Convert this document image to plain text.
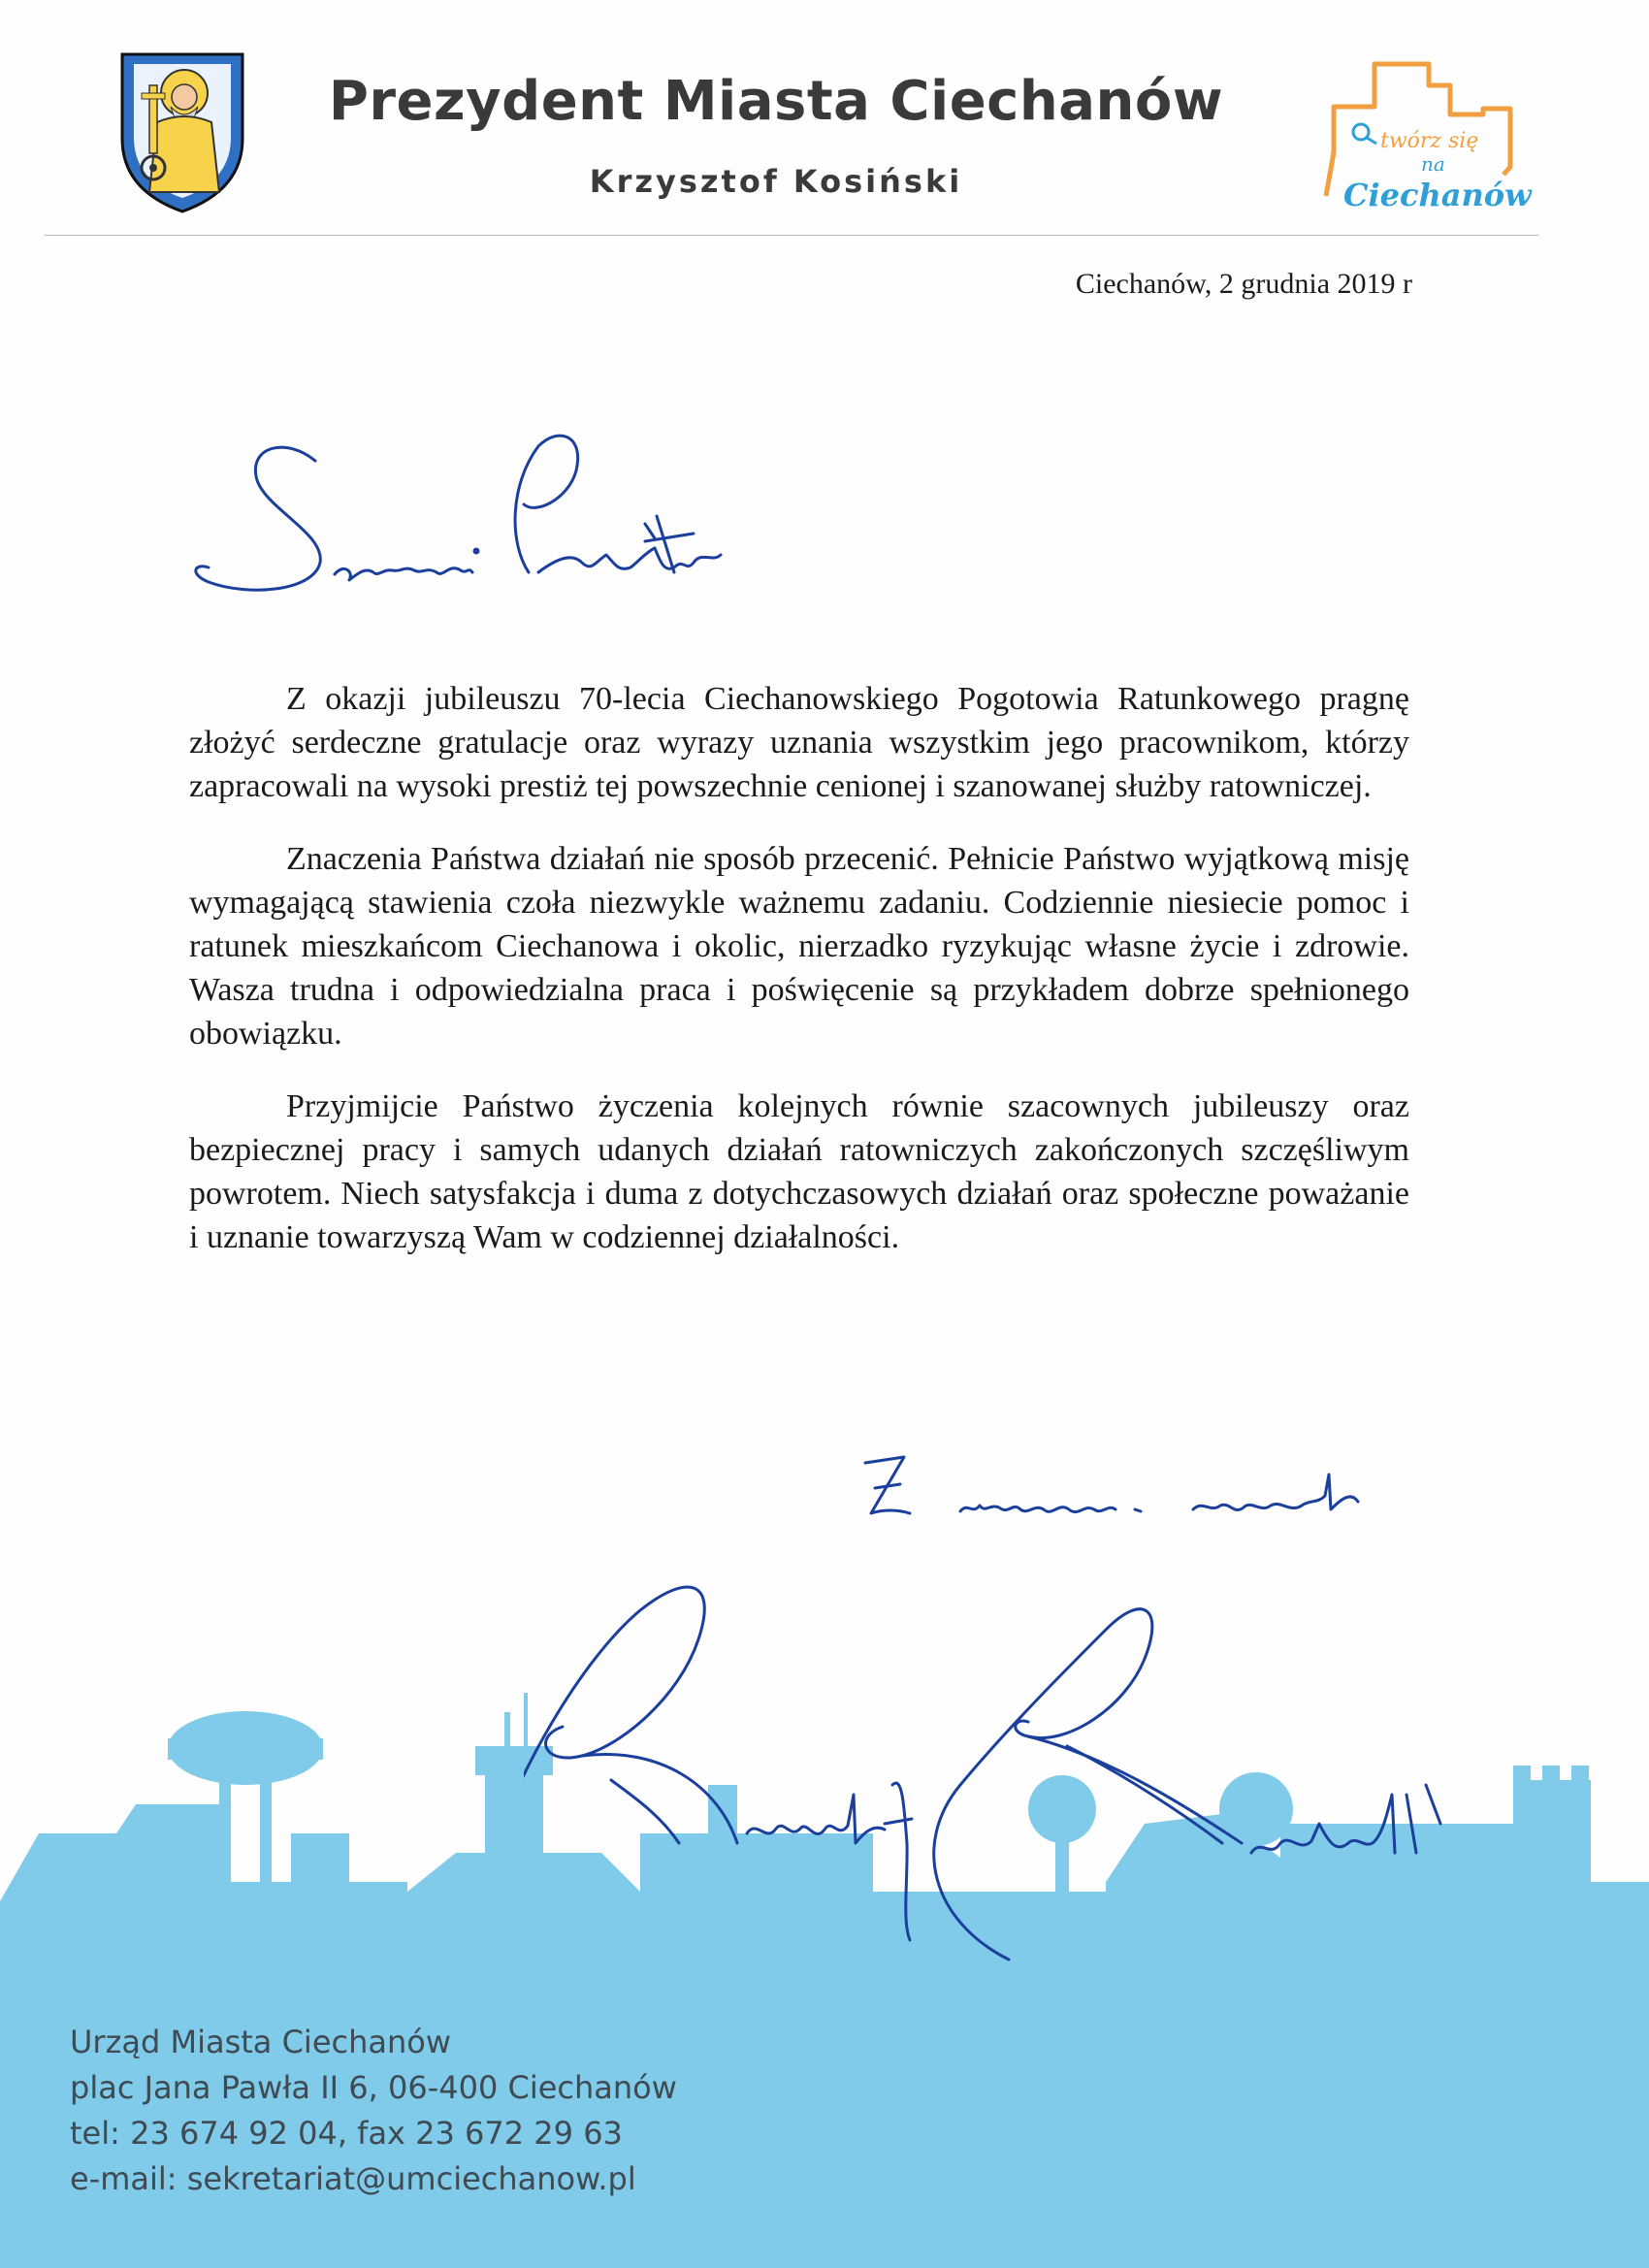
Prezydent Miasta Ciechanów
Krzysztof Kosiński
twórz się
na
Ciechanów
Ciechanów, 2 grudnia 2019 r

Z okazji jubileuszu 70-lecia Ciechanowskiego Pogotowia Ratunkowego pragnę złożyć serdeczne gratulacje oraz wyrazy uznania wszystkim jego pracownikom, którzy zapracowali na wysoki prestiż tej powszechnie cenionej i szanowanej służby ratowniczej.

Znaczenia Państwa działań nie sposób przecenić. Pełnicie Państwo wyjątkową misję wymagającą stawienia czoła niezwykle ważnemu zadaniu. Codziennie niesiecie pomoc i ratunek mieszkańcom Ciechanowa i okolic, nierzadko ryzykując własne życie i zdrowie. Wasza trudna i odpowiedzialna praca i poświęcenie są przykładem dobrze spełnionego obowiązku.

Przyjmijcie Państwo życzenia kolejnych równie szacownych jubileuszy oraz bezpiecznej pracy i samych udanych działań ratowniczych zakończonych szczęśliwym powrotem. Niech satysfakcja i duma z dotychczasowych działań oraz społeczne poważanie i uznanie towarzyszą Wam w codziennej działalności.

Urząd Miasta Ciechanów
plac Jana Pawła II 6, 06-400 Ciechanów
tel: 23 674 92 04, fax 23 672 29 63
e-mail: sekretariat@umciechanow.pl
